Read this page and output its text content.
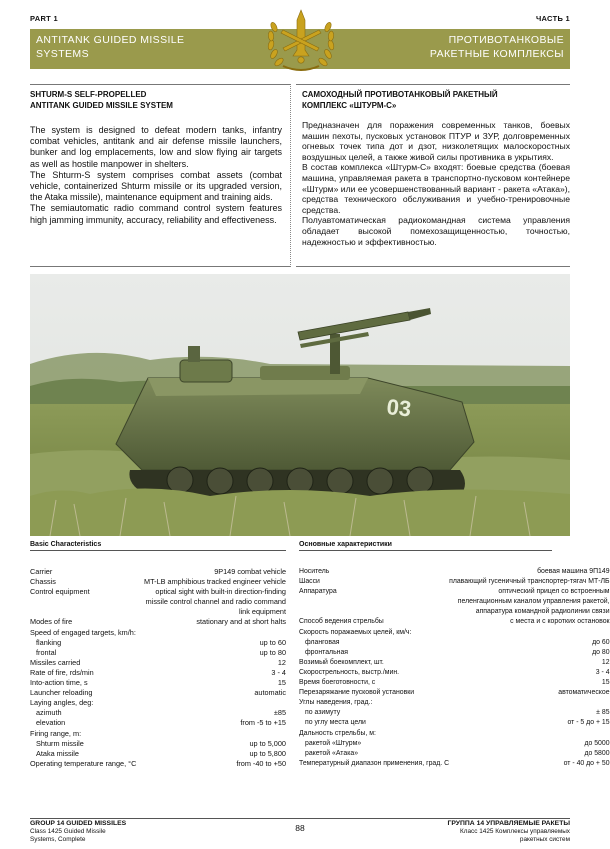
PART 1	ЧАСТЬ 1
ANTITANK GUIDED MISSILE
SYSTEMS
ПРОТИВОТАНКОВЫЕ
РАКЕТНЫЕ КОМПЛЕКСЫ
SHTURM-S SELF-PROPELLED
ANTITANK GUIDED MISSILE SYSTEM

The system is designed to defeat modern tanks, infantry combat vehicles, antitank and air defense missile launchers, bunker and log emplacements, low and slow flying air targets as well as hostile manpower in shelters.

The Shturm-S system comprises combat assets (combat vehicle, containerized Shturm missile or its upgraded version, the Ataka missile), maintenance equipment and training aids.

The semiautomatic radio command control system features high jamming immunity, accuracy, reliability and effectiveness.

САМОХОДНЫЙ ПРОТИВОТАНКОВЫЙ РАКЕТНЫЙ
КОМПЛЕКС «ШТУРМ-С»

Предназначен для поражения современных танков, боевых машин пехоты, пусковых установок ПТУР и ЗУР, долговременных огневых точек типа дот и дзот, низколетящих малоскоростных воздушных целей, а также живой силы противника в укрытиях.

В состав комплекса «Штурм-С» входят: боевые средства (боевая машина, управляемая ракета в транспортно-пусковом контейнере «Штурм» или ее усовершенствованный вариант - ракета «Атака»), средства технического обслуживания и учебно-тренировочные средства.

Полуавтоматическая радиокомандная система управления обладает высокой помехозащищенностью, точностью, надежностью и эффективностью.

03
Basic Characteristics
Carrier	9P149 combat vehicle
Chassis	MT-LB amphibious tracked engineer vehicle
Control equipment	optical sight with built-in direction-finding missile control channel and radio command link equipment
Modes of fire	stationary and at short halts
Speed of engaged targets, km/h:	
flanking	up to 60
frontal	up to 80
Missiles carried	12
Rate of fire, rds/min	3 - 4
Into-action time, s	15
Launcher reloading	automatic
Laying angles, deg:	
azimuth	±85
elevation	from -5 to +15
Firing range, m:	
Shturm missile	up to 5,000
Ataka missile	up to 5,800
Operating temperature range, °C	from -40 to +50
Основные характеристики
Носитель	боевая машина 9П149
Шасси	плавающий гусеничный транспортер-тягач МТ-ЛБ
Аппаратура	оптический прицел со встроенным пеленгационным каналом управления ракетой, аппаратура командной радиолинии связи
Способ ведения стрельбы	с места и с коротких остановок
Скорость поражаемых целей, км/ч:	
фланговая	до 60
фронтальная	до 80
Возимый боекомплект, шт.	12
Скорострельность, выстр./мин.	3 - 4
Время боеготовности, с	15
Перезаряжание пусковой установки	автоматическое
Углы наведения, град.:	
по азимуту	± 85
по углу места цели	от - 5 до + 15
Дальность стрельбы, м:	
ракетой «Штурм»	до 5000
ракетой «Атака»	до 5800
Температурный диапазон применения, град. С	от - 40 до + 50
GROUP 14 GUIDED MISSILES
Class 1425 Guided Missile
Systems, Complete
ГРУППА 14 УПРАВЛЯЕМЫЕ РАКЕТЫ
Класс 1425 Комплексы управляемых
ракетных систем
88
